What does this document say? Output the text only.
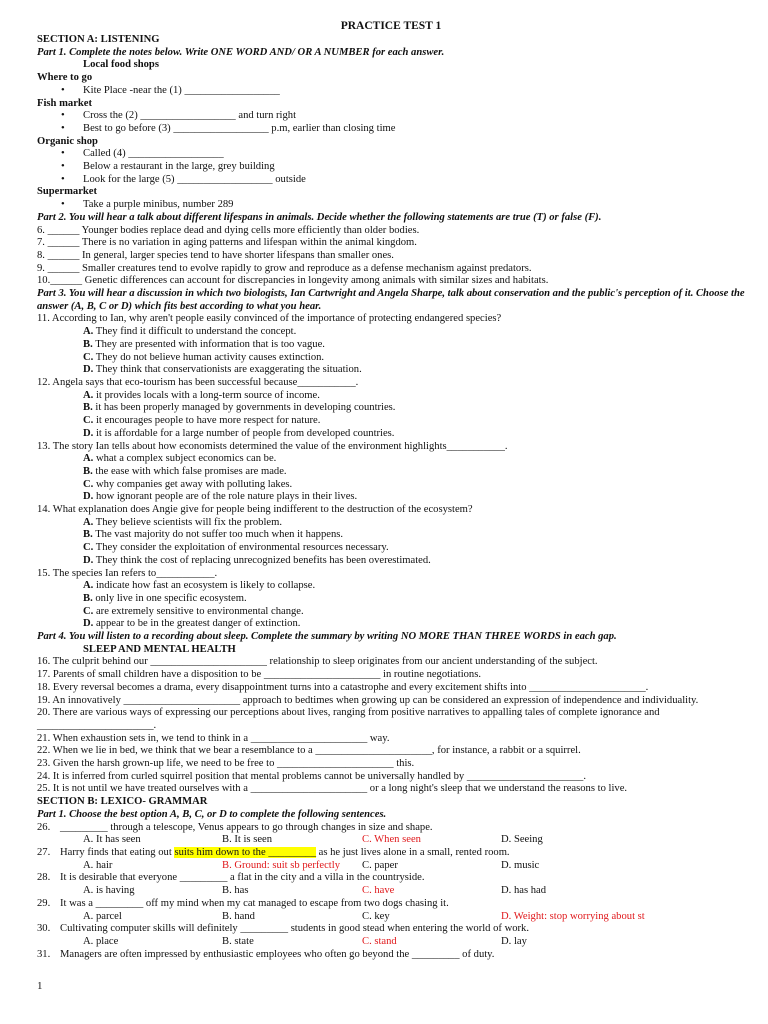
PRACTICE TEST 1
SECTION A: LISTENING
Part 1. Complete the notes below. Write ONE WORD AND/ OR A NUMBER for each answer.
Local food shops
Where to go
• Kite Place -near the (1) __________________
Fish market
• Cross the (2) __________________ and turn right
• Best to go before (3) __________________ p.m, earlier than closing time
Organic shop
• Called (4) __________________
• Below a restaurant in the large, grey building
• Look for the large (5) __________________ outside
Supermarket
• Take a purple minibus, number 289
Part 2. You will hear a talk about different lifespans in animals. Decide whether the following statements are true (T) or false (F).
6. ______ Younger bodies replace dead and dying cells more efficiently than older bodies.
7. ______ There is no variation in aging patterns and lifespan within the animal kingdom.
8. ______ In general, larger species tend to have shorter lifespans than smaller ones.
9. ______ Smaller creatures tend to evolve rapidly to grow and reproduce as a defense mechanism against predators.
10.______ Genetic differences can account for discrepancies in longevity among animals with similar sizes and habitats.
Part 3. You will hear a discussion in which two biologists, Ian Cartwright and Angela Sharpe, talk about conservation and the public's perception of it. Choose the answer (A, B, C or D) which fits best according to what you hear.
11. According to Ian, why aren't people easily convinced of the importance of protecting endangered species?
A. They find it difficult to understand the concept.
B. They are presented with information that is too vague.
C. They do not believe human activity causes extinction.
D. They think that conservationists are exaggerating the situation.
12. Angela says that eco-tourism has been successful because___________.
A. it provides locals with a long-term source of income.
B. it has been properly managed by governments in developing countries.
C. it encourages people to have more respect for nature.
D. it is affordable for a large number of people from developed countries.
13. The story Ian tells about how economists determined the value of the environment highlights___________.
A. what a complex subject economics can be.
B. the ease with which false promises are made.
C. why companies get away with polluting lakes.
D. how ignorant people are of the role nature plays in their lives.
14. What explanation does Angie give for people being indifferent to the destruction of the ecosystem?
A. They believe scientists will fix the problem.
B. The vast majority do not suffer too much when it happens.
C. They consider the exploitation of environmental resources necessary.
D. They think the cost of replacing unrecognized benefits has been overestimated.
15. The species Ian refers to___________.
A. indicate how fast an ecosystem is likely to collapse.
B. only live in one specific ecosystem.
C. are extremely sensitive to environmental change.
D. appear to be in the greatest danger of extinction.
Part 4. You will listen to a recording about sleep. Complete the summary by writing NO MORE THAN THREE WORDS in each gap.
SLEEP AND MENTAL HEALTH
16. The culprit behind our ______________________ relationship to sleep originates from our ancient understanding of the subject.
17. Parents of small children have a disposition to be ______________________ in routine negotiations.
18. Every reversal becomes a drama, every disappointment turns into a catastrophe and every excitement shifts into ______________________.
19. An innovatively ______________________ approach to bedtimes when growing up can be considered an expression of independence and individuality.
20. There are various ways of expressing our perceptions about lives, ranging from positive narratives to appalling tales of complete ignorance and ______________________.
21. When exhaustion sets in, we tend to think in a ______________________ way.
22. When we lie in bed, we think that we bear a resemblance to a ______________________, for instance, a rabbit or a squirrel.
23. Given the harsh grown-up life, we need to be free to ______________________ this.
24. It is inferred from curled squirrel position that mental problems cannot be universally handled by ______________________.
25. It is not until we have treated ourselves with a ______________________ or a long night's sleep that we understand the reasons to live.
SECTION B: LEXICO- GRAMMAR
Part 1. Choose the best option A, B, C, or D to complete the following sentences.
26. _________ through a telescope, Venus appears to go through changes in size and shape.
A. It has seen	B. It is seen	C. When seen	D. Seeing
27. Harry finds that eating out suits him down to the _________ as he just lives alone in a small, rented room.
A. hair	B. Ground: suit sb perfectly	C. paper	D. music
28. It is desirable that everyone _________ a flat in the city and a villa in the countryside.
A. is having	B. has	C. have	D. has had
29. It was a _________ off my mind when my cat managed to escape from two dogs chasing it.
A. parcel	B. hand	C. key	D. Weight: stop worrying about st
30. Cultivating computer skills will definitely _________ students in good stead when entering the world of work.
A. place	B. state	C. stand	D. lay
31. Managers are often impressed by enthusiastic employees who often go beyond the _________ of duty.
1
